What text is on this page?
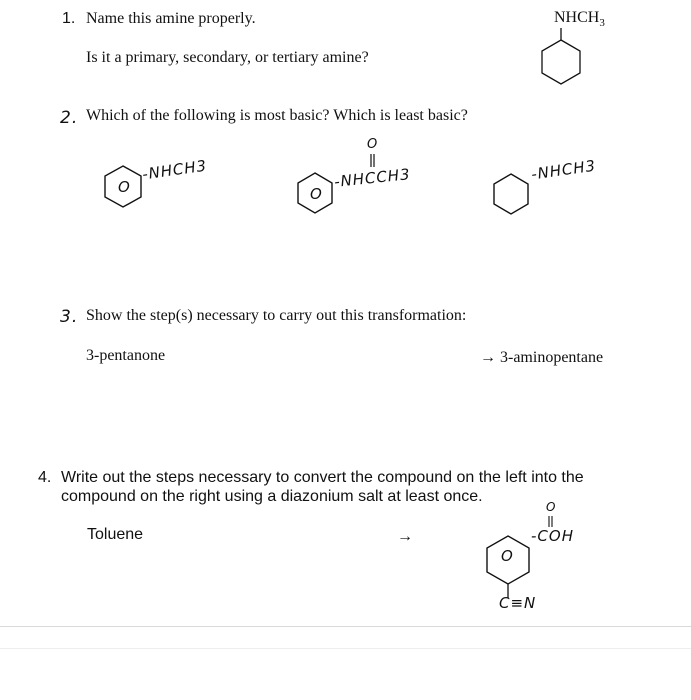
1. Name this amine properly.
Is it a primary, secondary, or tertiary amine?
$NHCH_3$
2. Which of the following is most basic? Which is least basic?
O
-NHCH3
O
-NHCCH3
O
-NHCH3
3. Show the step(s) necessary to carry out this transformation:
3-pentanone	→ 3-aminopentane
4. Write out the steps necessary to convert the compound on the left into the
compound on the right using a diazonium salt at least once.
Toluene	→
O
-COH
O
C≡N
